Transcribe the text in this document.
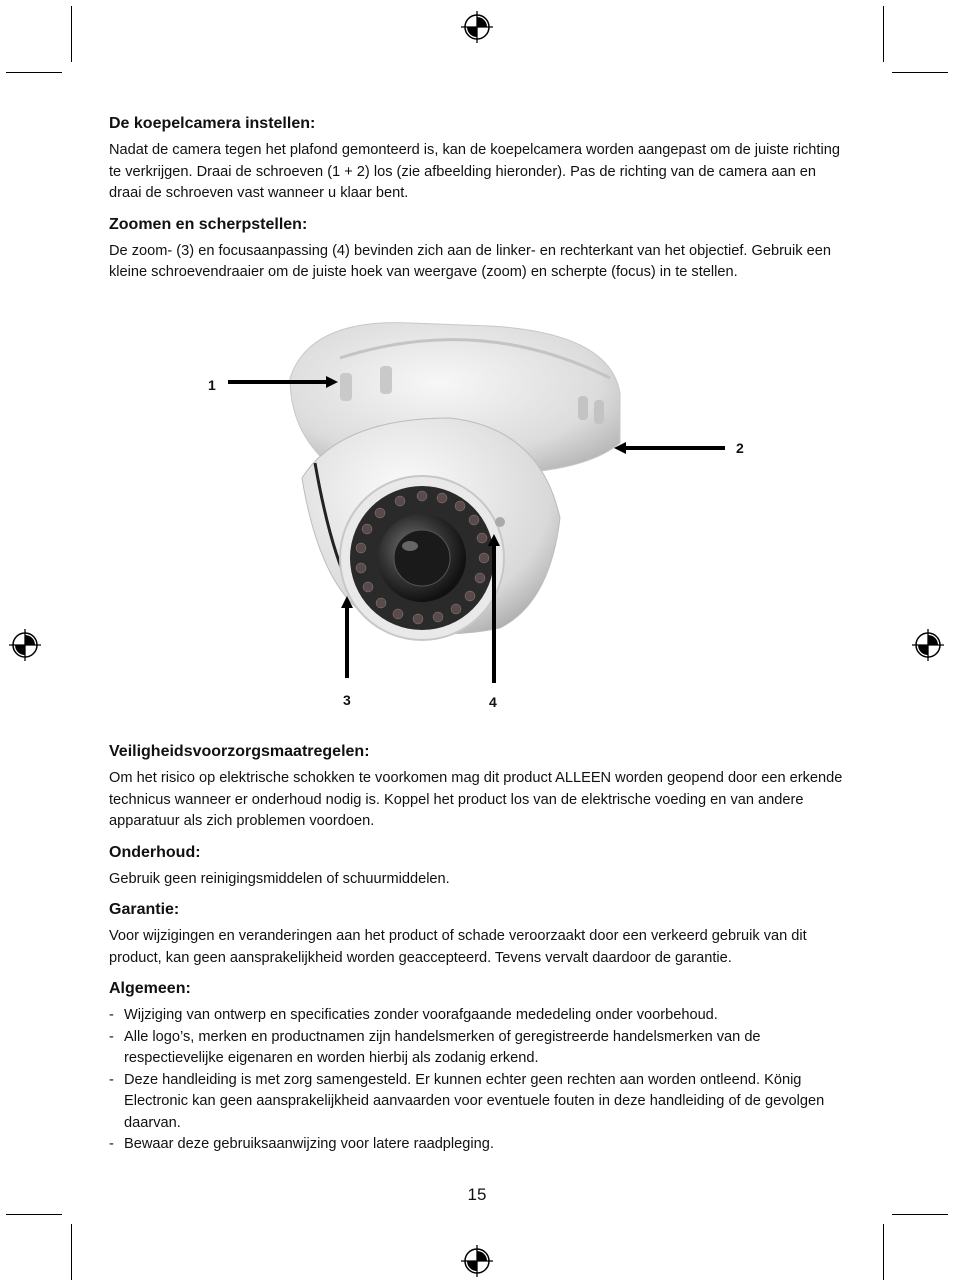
De koepelcamera instellen:

Nadat de camera tegen het plafond gemonteerd is, kan de koepelcamera worden aangepast om de juiste richting te verkrijgen. Draai de schroeven (1 + 2) los (zie afbeelding hieronder). Pas de richting van de camera aan en draai de schroeven vast wanneer u klaar bent.

Zoomen en scherpstellen:

De zoom- (3) en focusaanpassing (4) bevinden zich aan de linker- en rechterkant van het objectief. Gebruik een kleine schroevendraaier om de juiste hoek van weergave (zoom) en scherpte (focus) in te stellen.

1
2
3	4
Veiligheidsvoorzorgsmaatregelen:

Om het risico op elektrische schokken te voorkomen mag dit product ALLEEN worden geopend door een erkende technicus wanneer er onderhoud nodig is. Koppel het product los van de elektrische voeding en van andere apparatuur als zich problemen voordoen.

Onderhoud:

Gebruik geen reinigingsmiddelen of schuurmiddelen.

Garantie:

Voor wijzigingen en veranderingen aan het product of schade veroorzaakt door een verkeerd gebruik van dit product, kan geen aansprakelijkheid worden geaccepteerd. Tevens vervalt daardoor de garantie.

Algemeen:
- Wijziging van ontwerp en specificaties zonder voorafgaande mededeling onder voorbehoud.
- Alle logo’s, merken en productnamen zijn handelsmerken of geregistreerde handelsmerken van de respectievelijke eigenaren en worden hierbij als zodanig erkend.
- Deze handleiding is met zorg samengesteld. Er kunnen echter geen rechten aan worden ontleend. König Electronic kan geen aansprakelijkheid aanvaarden voor eventuele fouten in deze handleiding of de gevolgen daarvan.
- Bewaar deze gebruiksaanwijzing voor latere raadpleging.
15
